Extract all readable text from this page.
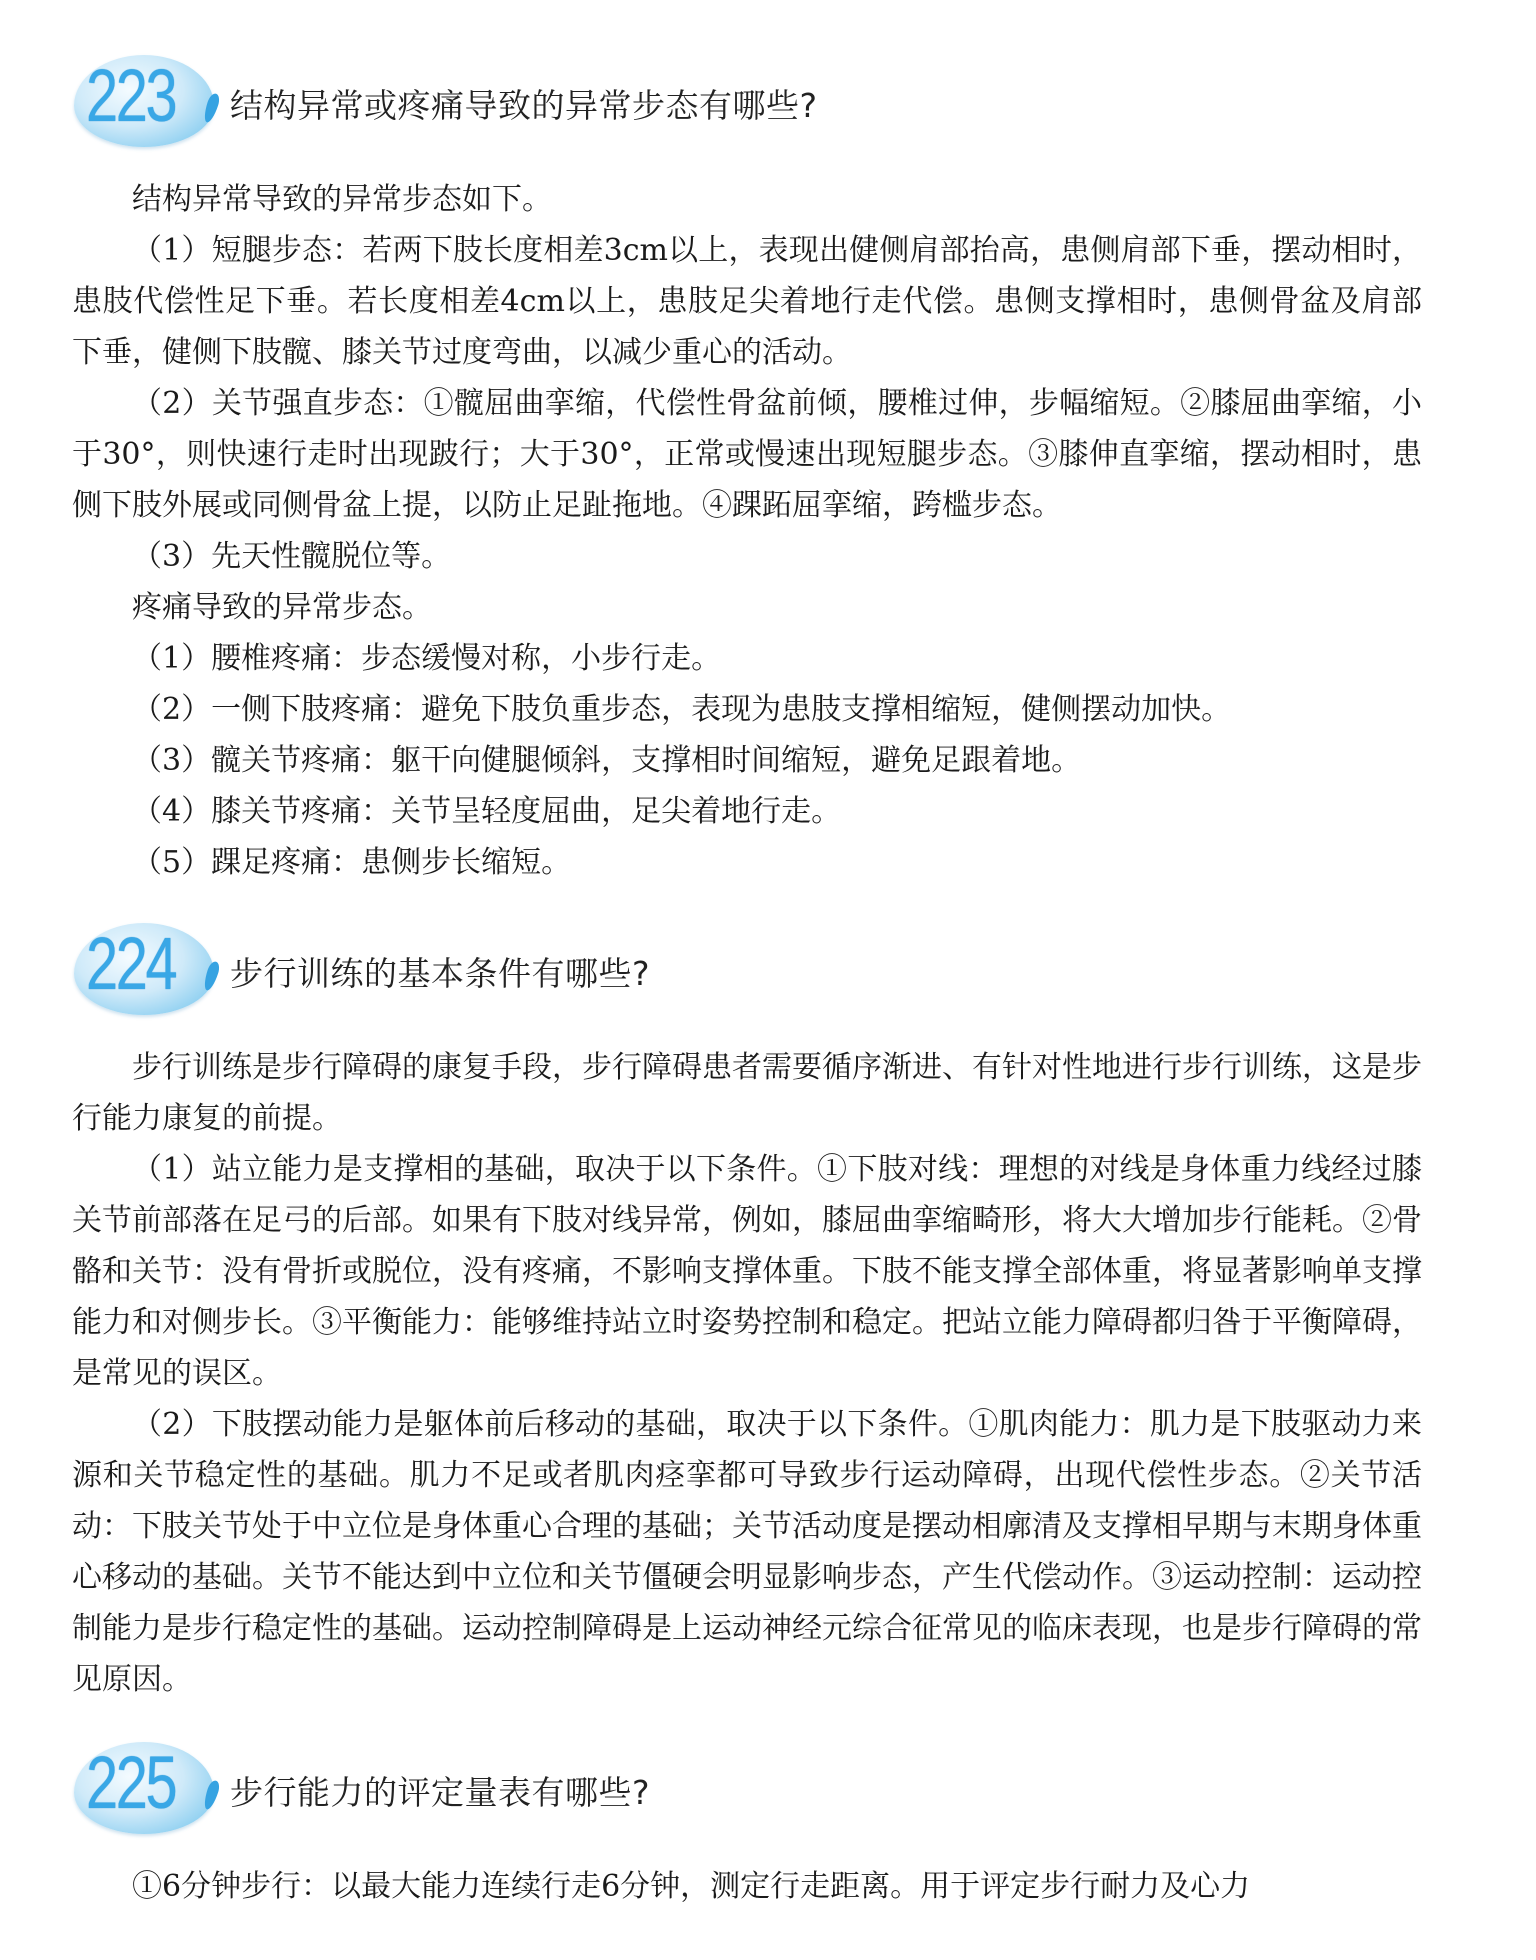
223 结构异常或疼痛导致的异常步态有哪些?

结构异常导致的异常步态如下。

（1）短腿步态：若两下肢长度相差3cm以上，表现出健侧肩部抬高，患侧肩部下垂，摆动相时，患肢代偿性足下垂。若长度相差4cm以上，患肢足尖着地行走代偿。患侧支撑相时，患侧骨盆及肩部下垂，健侧下肢髋、膝关节过度弯曲，以减少重心的活动。

（2）关节强直步态：①髋屈曲挛缩，代偿性骨盆前倾，腰椎过伸，步幅缩短。②膝屈曲挛缩，小于30°，则快速行走时出现跛行；大于30°，正常或慢速出现短腿步态。③膝伸直挛缩，摆动相时，患侧下肢外展或同侧骨盆上提，以防止足趾拖地。④踝跖屈挛缩，跨槛步态。

（3）先天性髋脱位等。

疼痛导致的异常步态。

（1）腰椎疼痛：步态缓慢对称，小步行走。

（2）一侧下肢疼痛：避免下肢负重步态，表现为患肢支撑相缩短，健侧摆动加快。

（3）髋关节疼痛：躯干向健腿倾斜，支撑相时间缩短，避免足跟着地。

（4）膝关节疼痛：关节呈轻度屈曲，足尖着地行走。

（5）踝足疼痛：患侧步长缩短。

224 步行训练的基本条件有哪些?

步行训练是步行障碍的康复手段，步行障碍患者需要循序渐进、有针对性地进行步行训练，这是步行能力康复的前提。

（1）站立能力是支撑相的基础，取决于以下条件。①下肢对线：理想的对线是身体重力线经过膝关节前部落在足弓的后部。如果有下肢对线异常，例如，膝屈曲挛缩畸形，将大大增加步行能耗。②骨骼和关节：没有骨折或脱位，没有疼痛，不影响支撑体重。下肢不能支撑全部体重，将显著影响单支撑能力和对侧步长。③平衡能力：能够维持站立时姿势控制和稳定。把站立能力障碍都归咎于平衡障碍，是常见的误区。

（2）下肢摆动能力是躯体前后移动的基础，取决于以下条件。①肌肉能力：肌力是下肢驱动力来源和关节稳定性的基础。肌力不足或者肌肉痉挛都可导致步行运动障碍，出现代偿性步态。②关节活动：下肢关节处于中立位是身体重心合理的基础；关节活动度是摆动相廓清及支撑相早期与末期身体重心移动的基础。关节不能达到中立位和关节僵硬会明显影响步态，产生代偿动作。③运动控制：运动控制能力是步行稳定性的基础。运动控制障碍是上运动神经元综合征常见的临床表现，也是步行障碍的常见原因。

225 步行能力的评定量表有哪些?

①6分钟步行：以最大能力连续行走6分钟，测定行走距离。用于评定步行耐力及心力
